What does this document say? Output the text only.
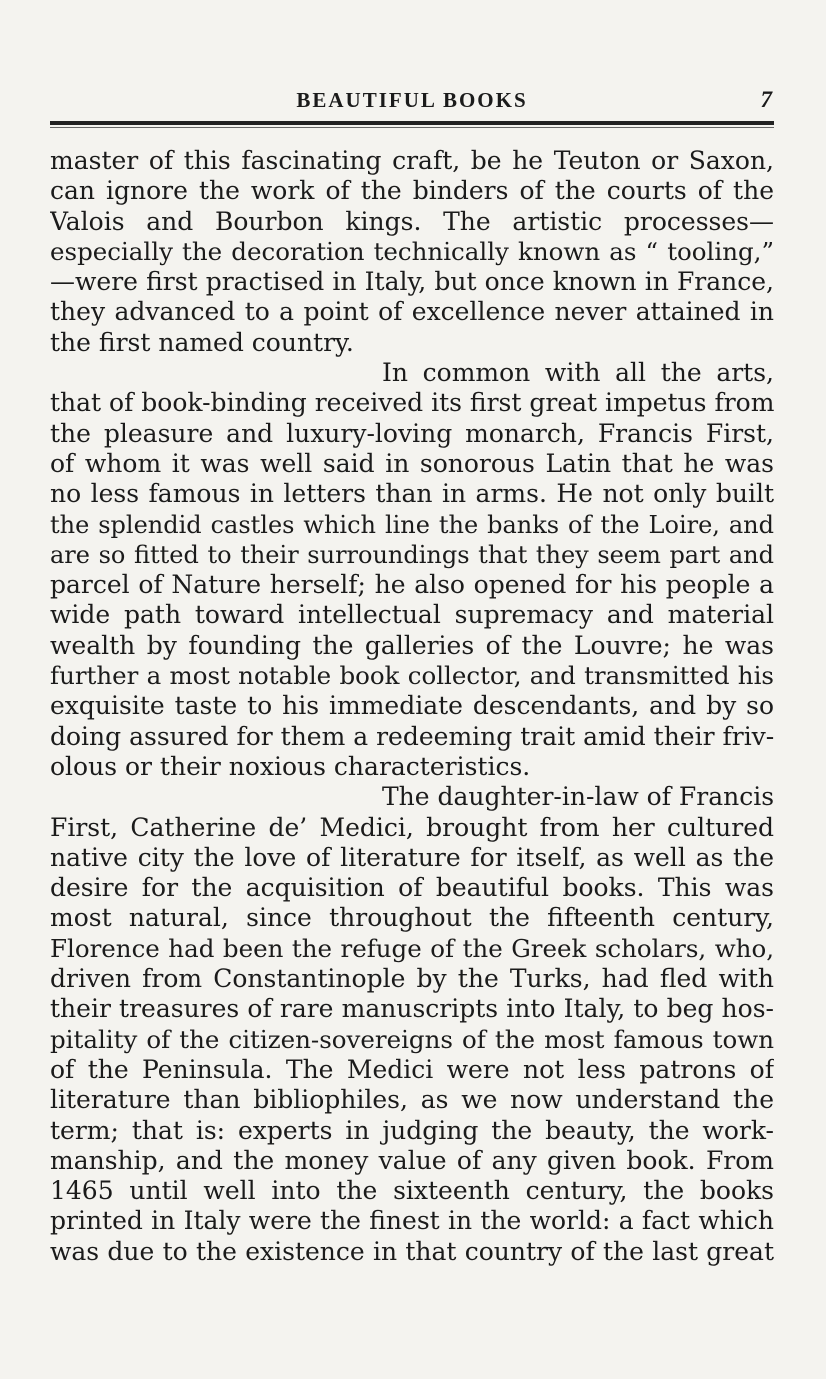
BEAUTIFUL BOOKS	7
master of this fascinating craft, be he Teuton or Saxon,
can ignore the work of the binders of the courts of the
Valois and Bourbon kings. The artistic processes—
especially the decoration technically known as “ tooling,”
—were first practised in Italy, but once known in France,
they advanced to a point of excellence never attained in
the first named country.
In common with all the arts,
that of book-binding received its first great impetus from
the pleasure and luxury-loving monarch, Francis First,
of whom it was well said in sonorous Latin that he was
no less famous in letters than in arms. He not only built
the splendid castles which line the banks of the Loire, and
are so fitted to their surroundings that they seem part and
parcel of Nature herself; he also opened for his people a
wide path toward intellectual supremacy and material
wealth by founding the galleries of the Louvre; he was
further a most notable book collector, and transmitted his
exquisite taste to his immediate descendants, and by so
doing assured for them a redeeming trait amid their friv-
olous or their noxious characteristics.
The daughter-in-law of Francis
First, Catherine de’ Medici, brought from her cultured
native city the love of literature for itself, as well as the
desire for the acquisition of beautiful books. This was
most natural, since throughout the fifteenth century,
Florence had been the refuge of the Greek scholars, who,
driven from Constantinople by the Turks, had fled with
their treasures of rare manuscripts into Italy, to beg hos-
pitality of the citizen-sovereigns of the most famous town
of the Peninsula. The Medici were not less patrons of
literature than bibliophiles, as we now understand the
term; that is: experts in judging the beauty, the work-
manship, and the money value of any given book. From
1465 until well into the sixteenth century, the books
printed in Italy were the finest in the world: a fact which
was due to the existence in that country of the last great
